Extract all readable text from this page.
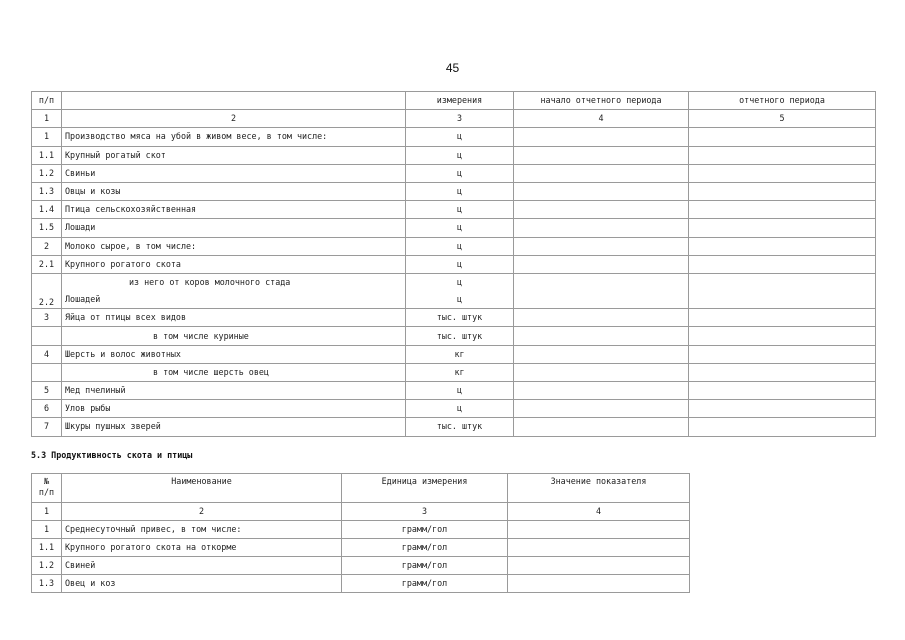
45
п/п		измерения	начало отчетного периода	отчетного периода
1	2	3	4	5
1	Производство мяса на убой в живом весе, в том числе:	ц		
1.1	Крупный рогатый скот	ц		
1.2	Свиньи	ц		
1.3	Овцы и козы	ц		
1.4	Птица сельскохозяйственная	ц		
1.5	Лошади	ц		
2	Молоко сырое, в том числе:	ц		
2.1	Крупного рогатого скота	ц		
2.2	из него от коров молочного стада	ц		
	Лошадей	ц		
3	Яйца от птицы всех видов	тыс. штук		
	в том числе куриные	тыс. штук		
4	Шерсть и волос животных	кг		
	в том числе шерсть овец	кг		
5	Мед пчелиный	ц		
6	Улов рыбы	ц		
7	Шкуры пушных зверей	тыс. штук		
5.3 Продуктивность скота и птицы
№
п/п	Наименование	Единица измерения	Значение показателя
1	2	3	4
1	Среднесуточный привес, в том числе:	грамм/гол	
1.1	Крупного рогатого скота на откорме	грамм/гол	
1.2	Свиней	грамм/гол	
1.3	Овец и коз	грамм/гол	
